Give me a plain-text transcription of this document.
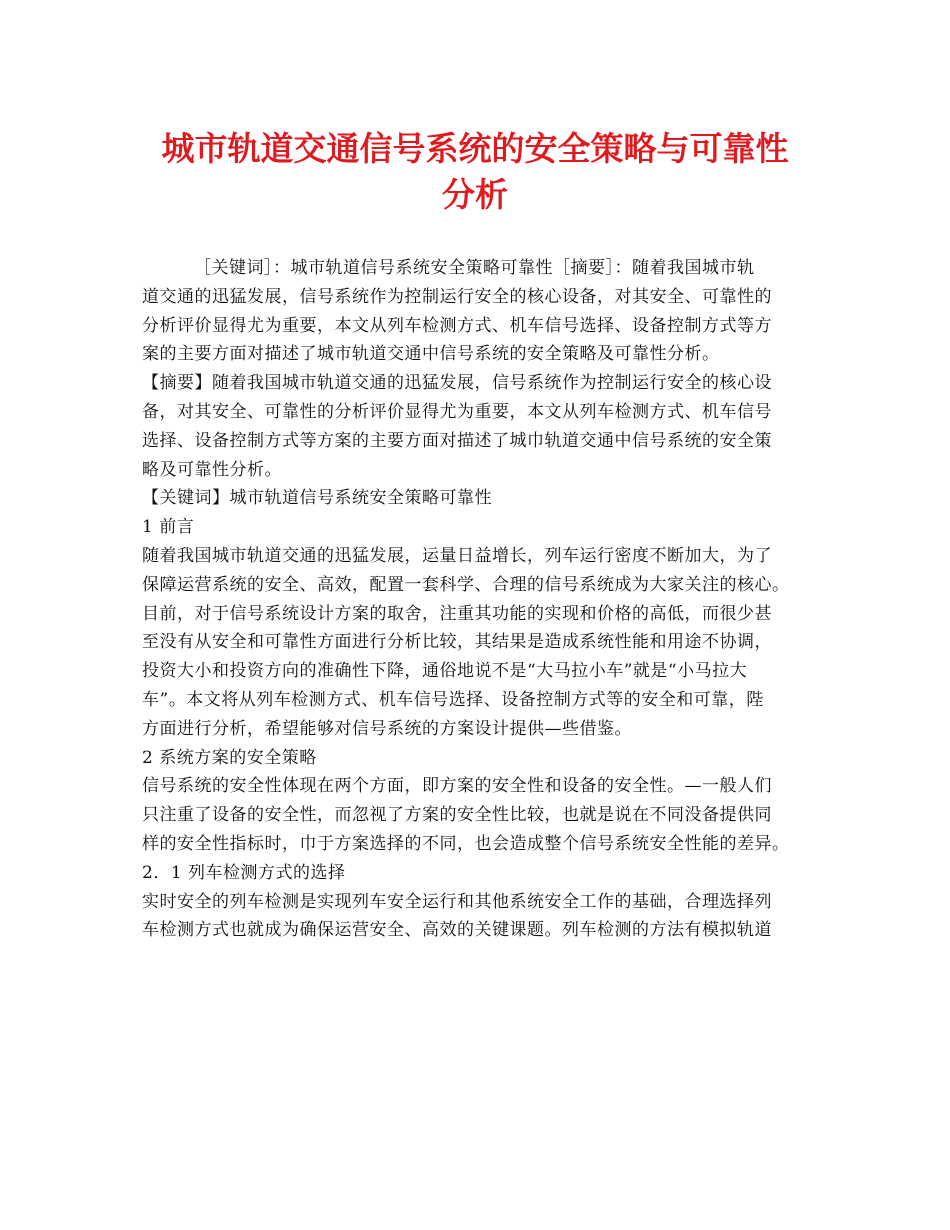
城市轨道交通信号系统的安全策略与可靠性
分析

［关键词］：城市轨道信号系统安全策略可靠性［摘要］：随着我国城市轨
道交通的迅猛发展，信号系统作为控制运行安全的核心设备，对其安全、可靠性的
分析评价显得尤为重要，本文从列车检测方式、机车信号选择、设备控制方式等方
案的主要方面对描述了城市轨道交通中信号系统的安全策略及可靠性分析。

【摘要】随着我国城市轨道交通的迅猛发展，信号系统作为控制运行安全的核心设
备，对其安全、可靠性的分析评价显得尤为重要，本文从列车检测方式、机车信号
选择、设备控制方式等方案的主要方面对描述了城巾轨道交通中信号系统的安全策
略及可靠性分析。

【关键词】城市轨道信号系统安全策略可靠性

1 前言

随着我国城市轨道交通的迅猛发展，运量日益增长，列车运行密度不断加大，为了
保障运营系统的安全、高效，配置一套科学、合理的信号系统成为大家关注的核心。
目前，对于信号系统设计方案的取舍，注重其功能的实现和价格的高低，而很少甚
至没有从安全和可靠性方面进行分析比较，其结果是造成系统性能和用途不协调，
投资大小和投资方向的准确性下降，通俗地说不是“大马拉小车”就是“小马拉大
车”。本文将从列车检测方式、机车信号选择、设备控制方式等的安全和可靠，陛
方面进行分析，希望能够对信号系统的方案设计提供—些借鉴。

2 系统方案的安全策略

信号系统的安全性体现在两个方面，即方案的安全性和设备的安全性。—一般人们
只注重了设备的安全性，而忽视了方案的安全性比较，也就是说在不同没备提供同
样的安全性指标时，巾于方案选择的不同，也会造成整个信号系统安全性能的差异。

2．1 列车检测方式的选择

实时安全的列车检测是实现列车安全运行和其他系统安全工作的基础，合理选择列
车检测方式也就成为确保运营安全、高效的关键课题。列车检测的方法有模拟轨道
